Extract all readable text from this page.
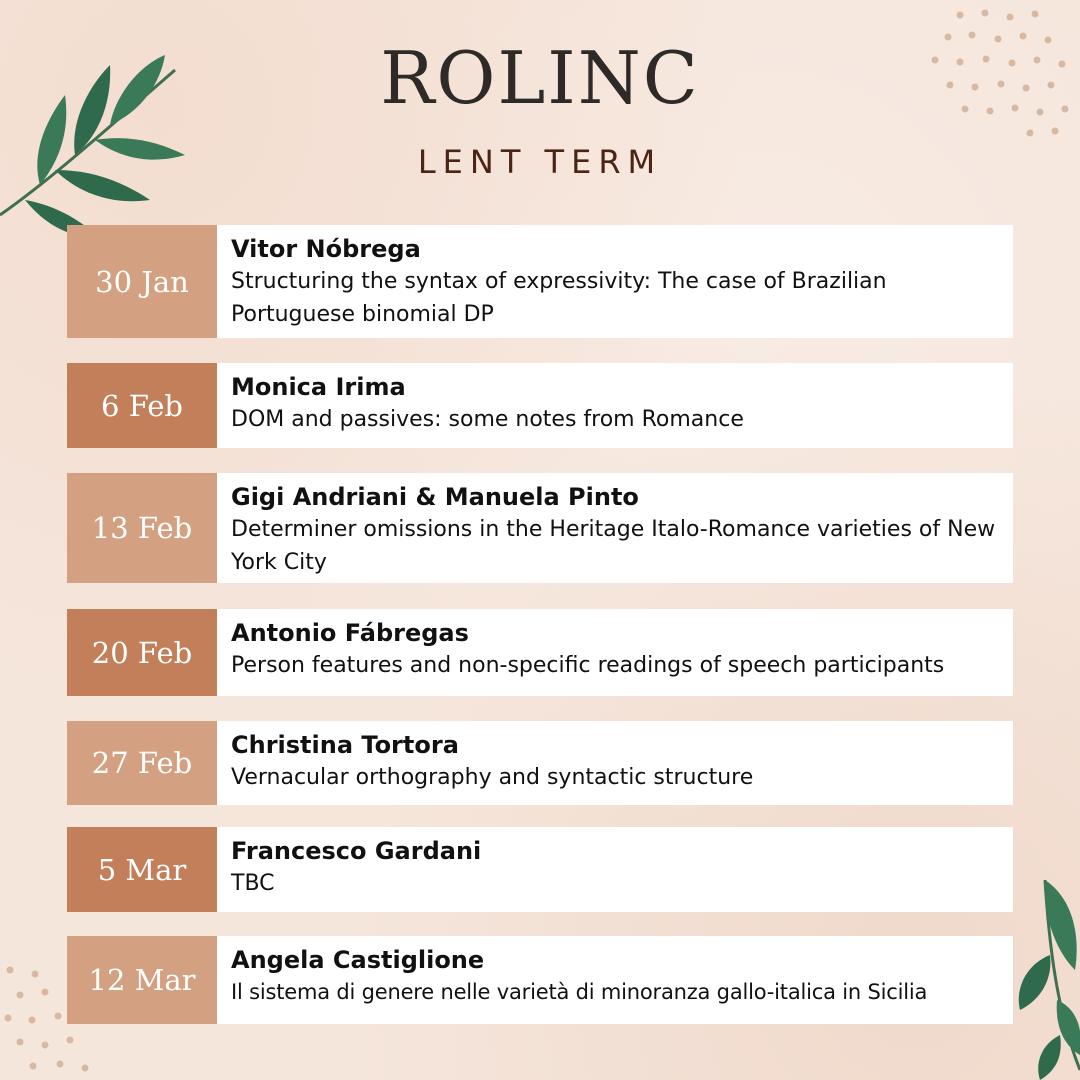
ROLINC
LENT TERM
30 Jan
Vitor Nóbrega
Structuring the syntax of expressivity: The case of Brazilian Portuguese binomial DP
6 Feb
Monica Irima
DOM and passives: some notes from Romance
13 Feb
Gigi Andriani & Manuela Pinto
Determiner omissions in the Heritage Italo-Romance varieties of New York City
20 Feb
Antonio Fábregas
Person features and non-specific readings of speech participants
27 Feb
Christina Tortora
Vernacular orthography and syntactic structure
5 Mar
Francesco Gardani
TBC
12 Mar
Angela Castiglione
Il sistema di genere nelle varietà di minoranza gallo-italica in Sicilia
